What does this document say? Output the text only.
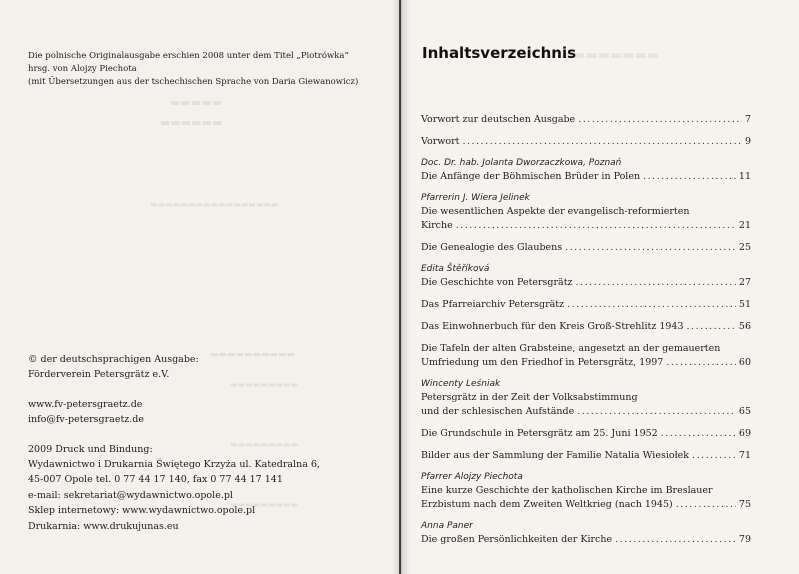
▬▬▬▬▬
▬▬▬▬▬▬
▬▬▬▬▬▬▬▬▬▬▬▬▬▬▬▬▬
▬▬▬▬▬▬▬▬▬▬
▬▬▬▬▬▬▬▬▬
▬▬▬▬▬▬▬▬▬
▬▬▬▬▬▬▬▬▬
Die polnische Originalausgabe erschien 2008 unter dem Titel „Piotrówka“
hrsg. von Alojzy Piechota
(mit Übersetzungen aus der tschechischen Sprache von Daria Giewanowicz)
© der deutschsprachigen Ausgabe:
Förderverein Petersgrätz e.V.
www.fv-petersgraetz.de
info@fv-petersgraetz.de
2009 Druck und Bindung:
Wydawnictwo i Drukarnia Świętego Krzyża ul. Katedralna 6,
45-007 Opole tel. 0 77 44 17 140, fax 0 77 44 17 141
e-mail: sekretariat@wydawnictwo.opole.pl
Sklep internetowy: www.wydawnictwo.opole.pl
Drukarnia: www.drukujunas.eu
▬▬▬▬▬▬▬▬
Inhaltsverzeichnis
Vorwort zur deutschen Ausgabe .....	7
Vorwort .....	9
Doc. Dr. hab. Jolanta Dworzaczkowa, Poznań
Die Anfänge der Böhmischen Brüder in Polen .....	11
Pfarrerin J. Wiera Jelinek
Die wesentlichen Aspekte der evangelisch-reformierten
Kirche .....	21
Die Genealogie des Glaubens .....	25
Edita Štěříková
Die Geschichte von Petersgrätz .....	27
Das Pfarreiarchiv Petersgrätz .....	51
Das Einwohnerbuch für den Kreis Groß-Strehlitz 1943 .....	56
Die Tafeln der alten Grabsteine, angesetzt an der gemauerten
Umfriedung um den Friedhof in Petersgrätz, 1997 .....	60
Wincenty Leśniak
Petersgrätz in der Zeit der Volksabstimmung
und der schlesischen Aufstände .....	65
Die Grundschule in Petersgrätz am 25. Juni 1952 .....	69
Bilder aus der Sammlung der Familie Natalia Wiesiołek .....	71
Pfarrer Alojzy Piechota
Eine kurze Geschichte der katholischen Kirche im Breslauer
Erzbistum nach dem Zweiten Weltkrieg (nach 1945) .....	75
Anna Paner
Die großen Persönlichkeiten der Kirche .....	79
